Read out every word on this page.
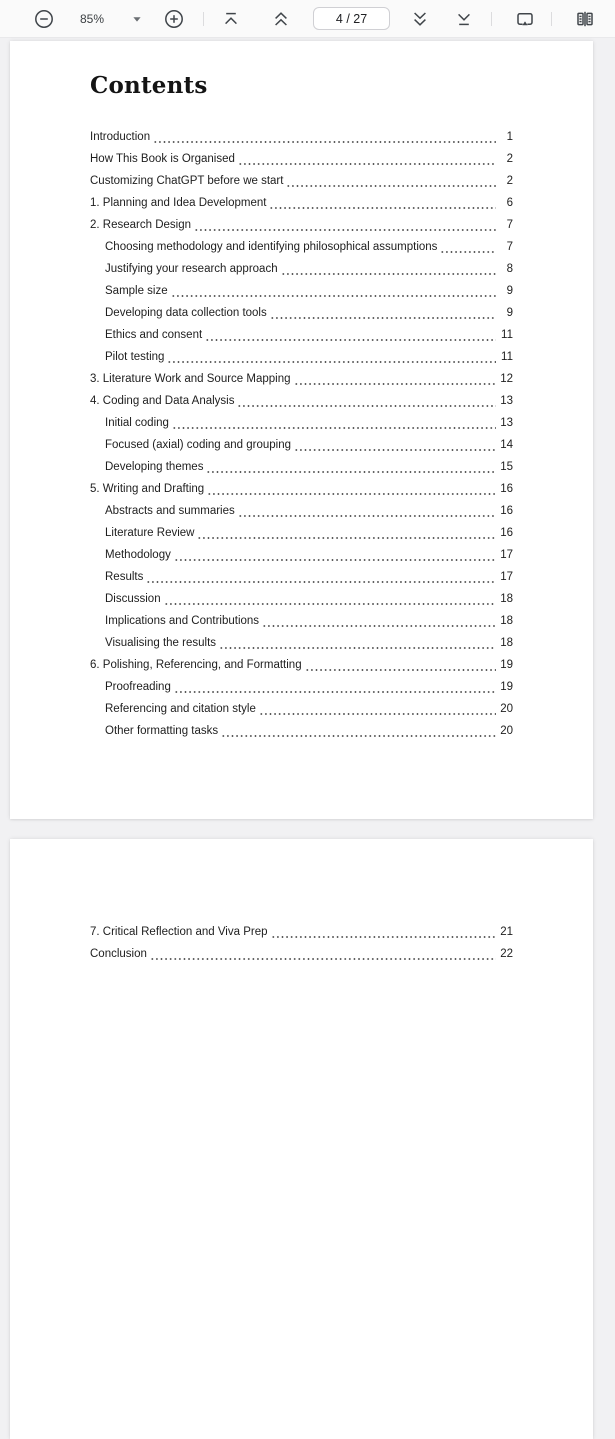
85%
4 / 27
Contents
Introduction	1
How This Book is Organised	2
Customizing ChatGPT before we start	2
1. Planning and Idea Development	6
2. Research Design	7
Choosing methodology and identifying philosophical assumptions	7
Justifying your research approach	8
Sample size	9
Developing data collection tools	9
Ethics and consent	11
Pilot testing	11
3. Literature Work and Source Mapping	12
4. Coding and Data Analysis	13
Initial coding	13
Focused (axial) coding and grouping	14
Developing themes	15
5. Writing and Drafting	16
Abstracts and summaries	16
Literature Review	16
Methodology	17
Results	17
Discussion	18
Implications and Contributions	18
Visualising the results	18
6. Polishing, Referencing, and Formatting	19
Proofreading	19
Referencing and citation style	20
Other formatting tasks	20
7. Critical Reflection and Viva Prep	21
Conclusion	22
